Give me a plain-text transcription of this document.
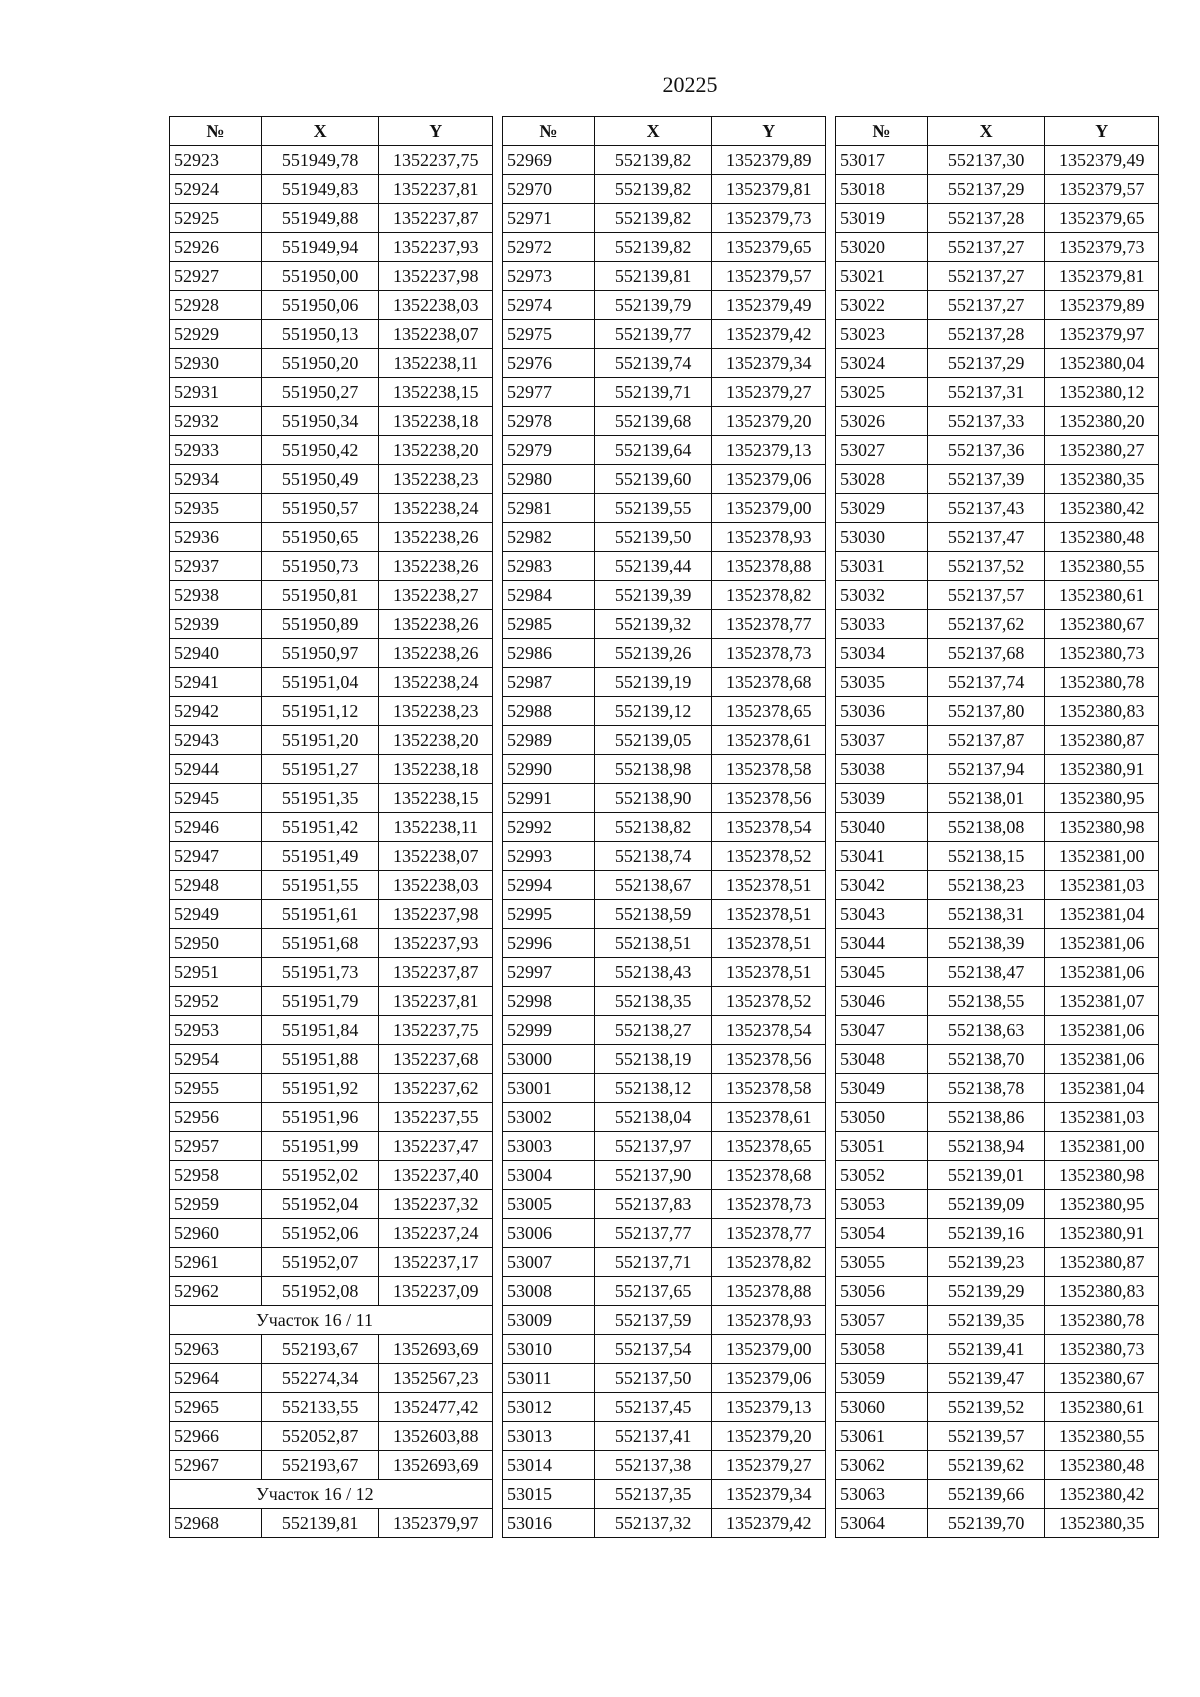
20225
№	X	Y
52923	551949,78	1352237,75
52924	551949,83	1352237,81
52925	551949,88	1352237,87
52926	551949,94	1352237,93
52927	551950,00	1352237,98
52928	551950,06	1352238,03
52929	551950,13	1352238,07
52930	551950,20	1352238,11
52931	551950,27	1352238,15
52932	551950,34	1352238,18
52933	551950,42	1352238,20
52934	551950,49	1352238,23
52935	551950,57	1352238,24
52936	551950,65	1352238,26
52937	551950,73	1352238,26
52938	551950,81	1352238,27
52939	551950,89	1352238,26
52940	551950,97	1352238,26
52941	551951,04	1352238,24
52942	551951,12	1352238,23
52943	551951,20	1352238,20
52944	551951,27	1352238,18
52945	551951,35	1352238,15
52946	551951,42	1352238,11
52947	551951,49	1352238,07
52948	551951,55	1352238,03
52949	551951,61	1352237,98
52950	551951,68	1352237,93
52951	551951,73	1352237,87
52952	551951,79	1352237,81
52953	551951,84	1352237,75
52954	551951,88	1352237,68
52955	551951,92	1352237,62
52956	551951,96	1352237,55
52957	551951,99	1352237,47
52958	551952,02	1352237,40
52959	551952,04	1352237,32
52960	551952,06	1352237,24
52961	551952,07	1352237,17
52962	551952,08	1352237,09
Участок 16 / 11		
52963	552193,67	1352693,69
52964	552274,34	1352567,23
52965	552133,55	1352477,42
52966	552052,87	1352603,88
52967	552193,67	1352693,69
Участок 16 / 12		
52968	552139,81	1352379,97
№	X	Y
52969	552139,82	1352379,89
52970	552139,82	1352379,81
52971	552139,82	1352379,73
52972	552139,82	1352379,65
52973	552139,81	1352379,57
52974	552139,79	1352379,49
52975	552139,77	1352379,42
52976	552139,74	1352379,34
52977	552139,71	1352379,27
52978	552139,68	1352379,20
52979	552139,64	1352379,13
52980	552139,60	1352379,06
52981	552139,55	1352379,00
52982	552139,50	1352378,93
52983	552139,44	1352378,88
52984	552139,39	1352378,82
52985	552139,32	1352378,77
52986	552139,26	1352378,73
52987	552139,19	1352378,68
52988	552139,12	1352378,65
52989	552139,05	1352378,61
52990	552138,98	1352378,58
52991	552138,90	1352378,56
52992	552138,82	1352378,54
52993	552138,74	1352378,52
52994	552138,67	1352378,51
52995	552138,59	1352378,51
52996	552138,51	1352378,51
52997	552138,43	1352378,51
52998	552138,35	1352378,52
52999	552138,27	1352378,54
53000	552138,19	1352378,56
53001	552138,12	1352378,58
53002	552138,04	1352378,61
53003	552137,97	1352378,65
53004	552137,90	1352378,68
53005	552137,83	1352378,73
53006	552137,77	1352378,77
53007	552137,71	1352378,82
53008	552137,65	1352378,88
53009	552137,59	1352378,93
53010	552137,54	1352379,00
53011	552137,50	1352379,06
53012	552137,45	1352379,13
53013	552137,41	1352379,20
53014	552137,38	1352379,27
53015	552137,35	1352379,34
53016	552137,32	1352379,42
№	X	Y
53017	552137,30	1352379,49
53018	552137,29	1352379,57
53019	552137,28	1352379,65
53020	552137,27	1352379,73
53021	552137,27	1352379,81
53022	552137,27	1352379,89
53023	552137,28	1352379,97
53024	552137,29	1352380,04
53025	552137,31	1352380,12
53026	552137,33	1352380,20
53027	552137,36	1352380,27
53028	552137,39	1352380,35
53029	552137,43	1352380,42
53030	552137,47	1352380,48
53031	552137,52	1352380,55
53032	552137,57	1352380,61
53033	552137,62	1352380,67
53034	552137,68	1352380,73
53035	552137,74	1352380,78
53036	552137,80	1352380,83
53037	552137,87	1352380,87
53038	552137,94	1352380,91
53039	552138,01	1352380,95
53040	552138,08	1352380,98
53041	552138,15	1352381,00
53042	552138,23	1352381,03
53043	552138,31	1352381,04
53044	552138,39	1352381,06
53045	552138,47	1352381,06
53046	552138,55	1352381,07
53047	552138,63	1352381,06
53048	552138,70	1352381,06
53049	552138,78	1352381,04
53050	552138,86	1352381,03
53051	552138,94	1352381,00
53052	552139,01	1352380,98
53053	552139,09	1352380,95
53054	552139,16	1352380,91
53055	552139,23	1352380,87
53056	552139,29	1352380,83
53057	552139,35	1352380,78
53058	552139,41	1352380,73
53059	552139,47	1352380,67
53060	552139,52	1352380,61
53061	552139,57	1352380,55
53062	552139,62	1352380,48
53063	552139,66	1352380,42
53064	552139,70	1352380,35
